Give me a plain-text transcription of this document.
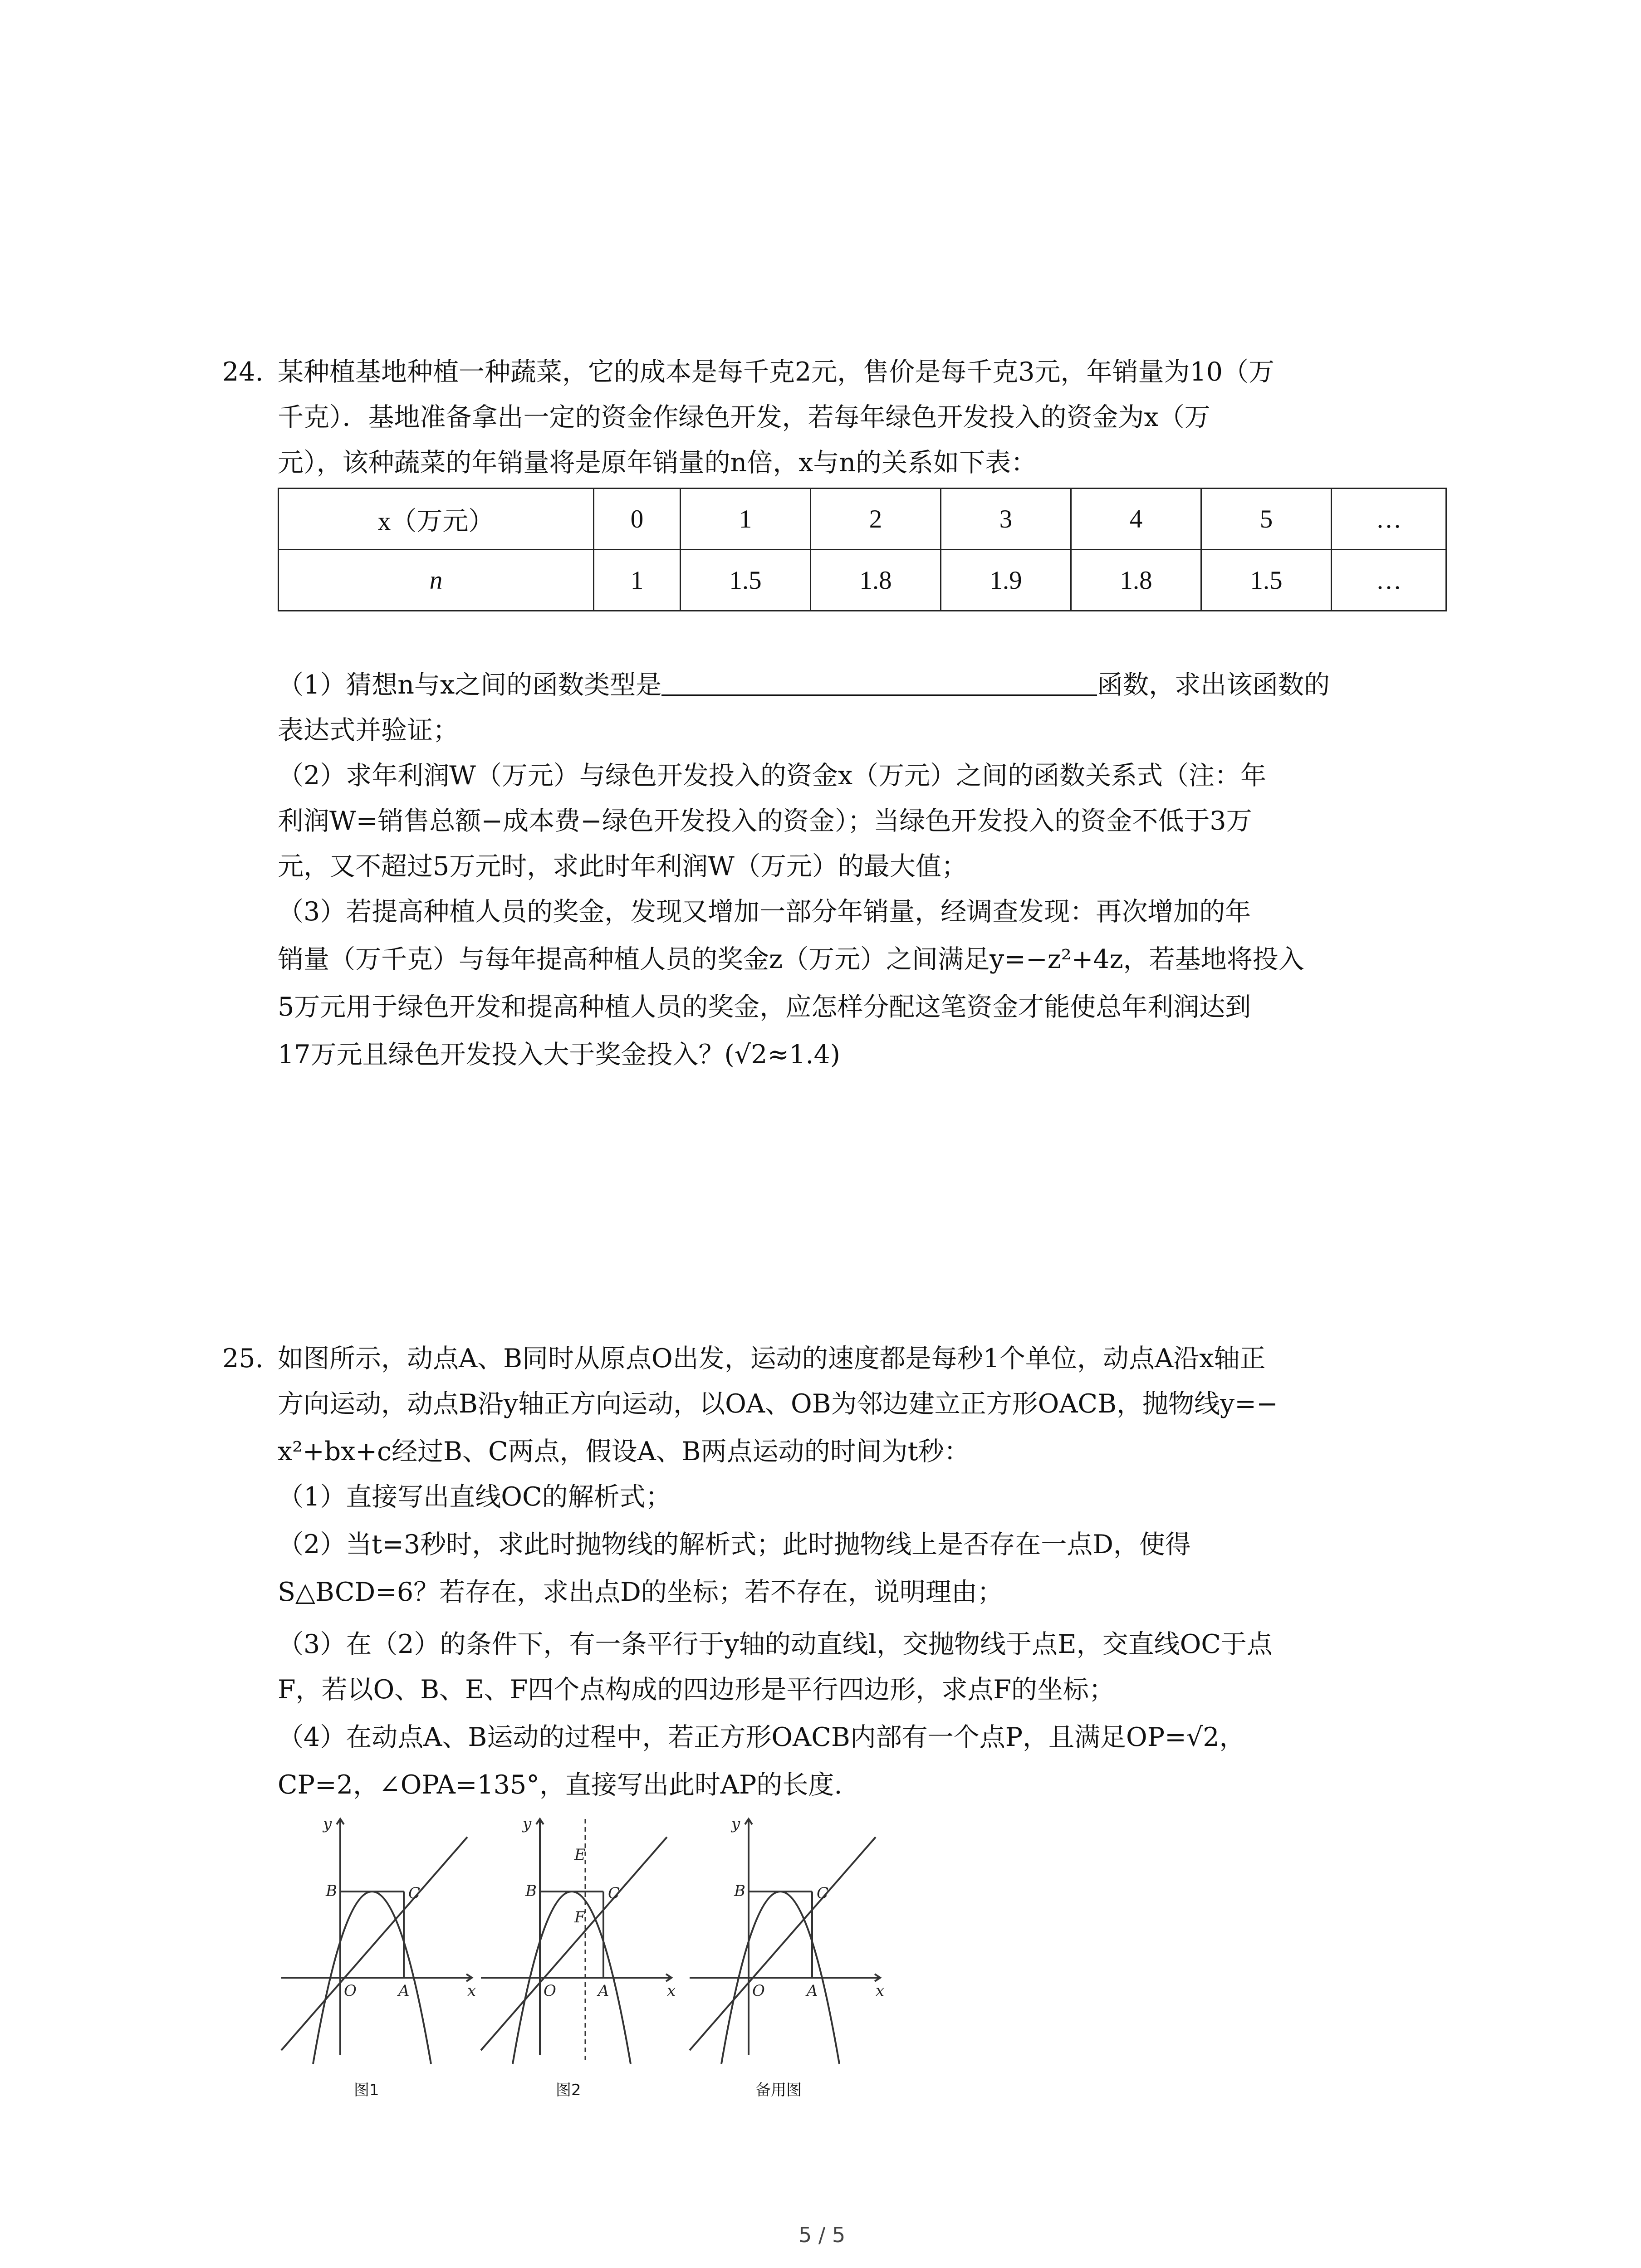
24. 某种植基地种植一种蔬菜，它的成本是每千克2元，售价是每千克3元，年销量为10（万
千克）．基地准备拿出一定的资金作绿色开发，若每年绿色开发投入的资金为x（万
元），该种蔬菜的年销量将是原年销量的n倍，x与n的关系如下表：
x（万元）	0	1	2	3	4	5	…
n	1	1.5	1.8	1.9	1.8	1.5	…
（1）猜想n与x之间的函数类型是	函数，求出该函数的
表达式并验证；
（2）求年利润W（万元）与绿色开发投入的资金x（万元）之间的函数关系式（注：年
利润W=销售总额−成本费−绿色开发投入的资金）；当绿色开发投入的资金不低于3万
元，又不超过5万元时，求此时年利润W（万元）的最大值；
（3）若提高种植人员的奖金，发现又增加一部分年销量，经调查发现：再次增加的年
销量（万千克）与每年提高种植人员的奖金z（万元）之间满足y=−z²+4z，若基地将投入
5万元用于绿色开发和提高种植人员的奖金，应怎样分配这笔资金才能使总年利润达到
17万元且绿色开发投入大于奖金投入？(√2≈1.4)
25. 如图所示，动点A、B同时从原点O出发，运动的速度都是每秒1个单位，动点A沿x轴正
方向运动，动点B沿y轴正方向运动，以OA、OB为邻边建立正方形OACB，抛物线y=−
x²+bx+c经过B、C两点，假设A、B两点运动的时间为t秒：
（1）直接写出直线OC的解析式；
（2）当t=3秒时，求此时抛物线的解析式；此时抛物线上是否存在一点D，使得
S△BCD=6？若存在，求出点D的坐标；若不存在，说明理由；
（3）在（2）的条件下，有一条平行于y轴的动直线l，交抛物线于点E，交直线OC于点
F，若以O、B、E、F四个点构成的四边形是平行四边形，求点F的坐标；
（4）在动点A、B运动的过程中，若正方形OACB内部有一个点P，且满足OP=√2，
CP=2，∠OPA=135°，直接写出此时AP的长度.
y
x
B	C
O	A
图1
y
x
B	C
O	A
E
F
图2
y
x
B	C
O	A
备用图
5 / 5
